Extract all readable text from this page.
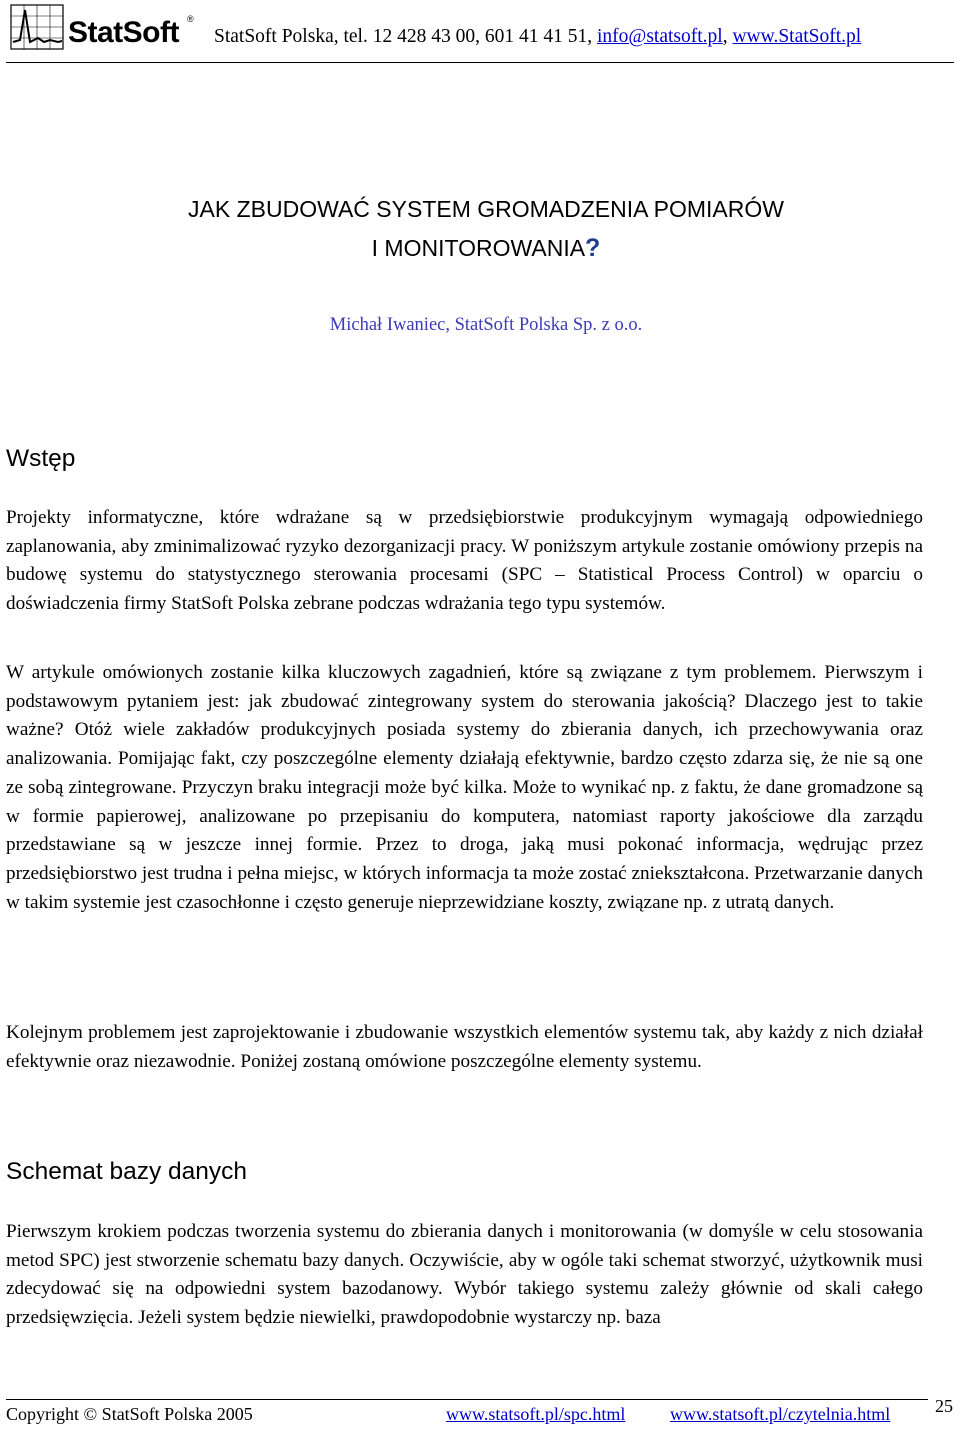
StatSoft ®
StatSoft Polska, tel. 12 428 43 00, 601 41 41 51, info@statsoft.pl, www.StatSoft.pl
JAK ZBUDOWAĆ SYSTEM GROMADZENIA POMIARÓW
I MONITOROWANIA?
Michał Iwaniec, StatSoft Polska Sp. z o.o.
Wstęp

Projekty informatyczne, które wdrażane są w przedsiębiorstwie produkcyjnym wymagają odpowiedniego zaplanowania, aby zminimalizować ryzyko dezorganizacji pracy. W poniższym artykule zostanie omówiony przepis na budowę systemu do statystycznego sterowania procesami (SPC – Statistical Process Control) w oparciu o doświadczenia firmy StatSoft Polska zebrane podczas wdrażania tego typu systemów.

W artykule omówionych zostanie kilka kluczowych zagadnień, które są związane z tym problemem. Pierwszym i podstawowym pytaniem jest: jak zbudować zintegrowany system do sterowania jakością? Dlaczego jest to takie ważne? Otóż wiele zakładów produkcyjnych posiada systemy do zbierania danych, ich przechowywania oraz analizowania. Pomijając fakt, czy poszczególne elementy działają efektywnie, bardzo często zdarza się, że nie są one ze sobą zintegrowane. Przyczyn braku integracji może być kilka. Może to wynikać np. z faktu, że dane gromadzone są w formie papierowej, analizowane po przepisaniu do komputera, natomiast raporty jakościowe dla zarządu przedstawiane są w jeszcze innej formie. Przez to droga, jaką musi pokonać informacja, wędrując przez przedsiębiorstwo jest trudna i pełna miejsc, w których informacja ta może zostać zniekształcona. Przetwarzanie danych w takim systemie jest czasochłonne i często generuje nieprzewidziane koszty, związane np. z utratą danych.

Kolejnym problemem jest zaprojektowanie i zbudowanie wszystkich elementów systemu tak, aby każdy z nich działał efektywnie oraz niezawodnie. Poniżej zostaną omówione poszczególne elementy systemu.

Schemat bazy danych

Pierwszym krokiem podczas tworzenia systemu do zbierania danych i monitorowania (w domyśle w celu stosowania metod SPC) jest stworzenie schematu bazy danych. Oczywiście, aby w ogóle taki schemat stworzyć, użytkownik musi zdecydować się na odpowiedni system bazodanowy. Wybór takiego systemu zależy głównie od skali całego przedsięwzięcia. Jeżeli system będzie niewielki, prawdopodobnie wystarczy np. baza

Copyright © StatSoft Polska 2005	www.statsoft.pl/spc.html www.statsoft.pl/czytelnia.html 25
